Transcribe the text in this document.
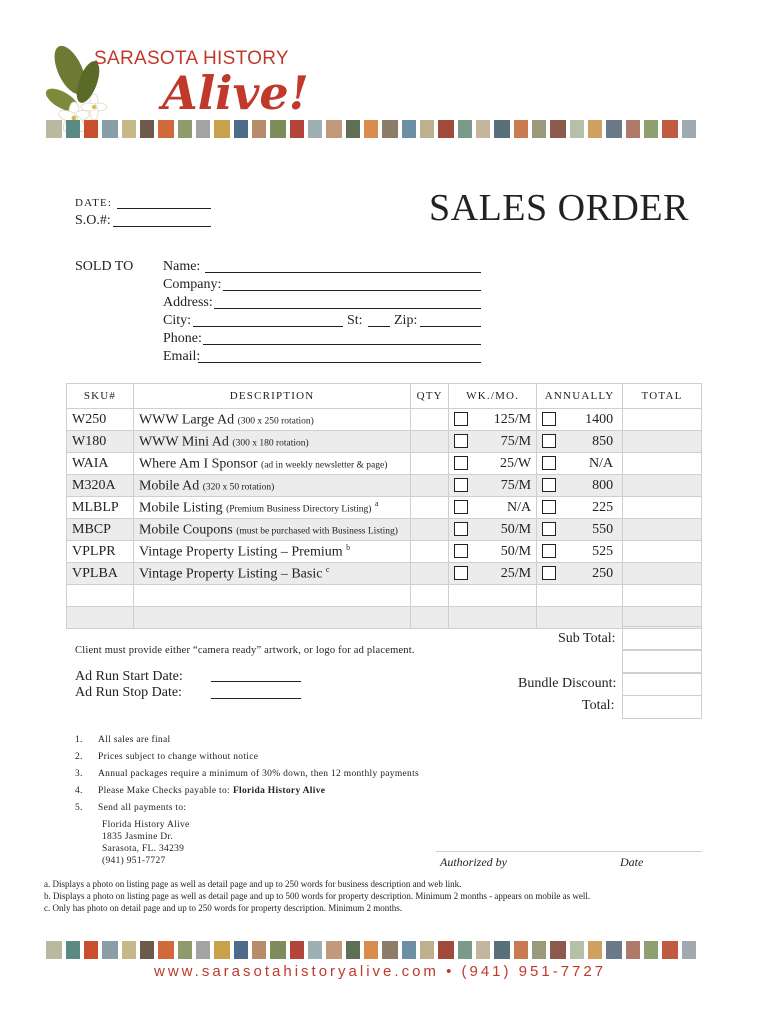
SARASOTA HISTORY
Alive!
DATE:
S.O.#:	SALES ORDER
SOLD TO Name:
Company:
Address:
City:	St: Zip:
Phone:
Email:
SKU#	DESCRIPTION	QTY	WK./MO.	ANNUALLY	TOTAL
W250	WWW Large Ad (300 x 250 rotation)		125/M	1400	

W180	WWW Mini Ad (300 x 180 rotation)		75/M	850	

WAIA	Where Am I Sponsor (ad in weekly newsletter & page)		25/W	N/A	

M320A	Mobile Ad (320 x 50 rotation)		75/M	800	

MLBLP	Mobile Listing (Premium Business Directory Listing) $^a$		N/A	225	

MBCP	Mobile Coupons (must be purchased with Business Listing)		50/M	550	

VPLPR	Vintage Property Listing – Premium $^b$		50/M	525	

VPLBA	Vintage Property Listing – Basic $^c$		25/M	250	

Client must provide either “camera ready” artwork, or logo for ad placement.
Ad Run Start Date:
Ad Run Stop Date:
Sub Total:
Bundle Discount:
Total:
1. All sales are final
2. Prices subject to change without notice
3. Annual packages require a minimum of 30% down, then 12 monthly payments
4. Please Make Checks payable to: Florida History Alive
5. Send all payments to:
Florida History Alive
1835 Jasmine Dr.
Sarasota, FL. 34239
(941) 951-7727	Authorized by	Date
a. Displays a photo on listing page as well as detail page and up to 250 words for business description and web link.
b. Displays a photo on listing page as well as detail page and up to 500 words for property description. Minimum 2 months - appears on mobile as well.
c. Only has photo on detail page and up to 250 words for property description. Minimum 2 months.
www.sarasotahistoryalive.com • (941) 951-7727
